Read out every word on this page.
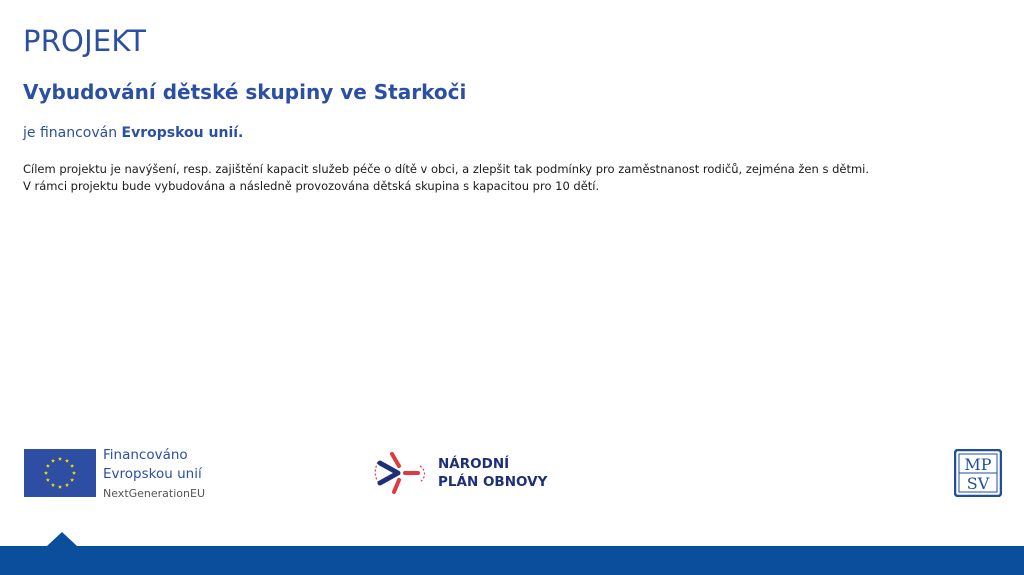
PROJEKT
Vybudování dětské skupiny ve Starkoči

je financován Evropskou unií.

Cílem projektu je navýšení, resp. zajištění kapacit služeb péče o dítě v obci, a zlepšit tak podmínky pro zaměstnanost rodičů, zejména žen s dětmi.

V rámci projektu bude vybudována a následně provozována dětská skupina s kapacitou pro 10 dětí.

Financováno
Evropskou unií
NextGenerationEU
NÁRODNÍ
PLÁN OBNOVY
MP
SV
